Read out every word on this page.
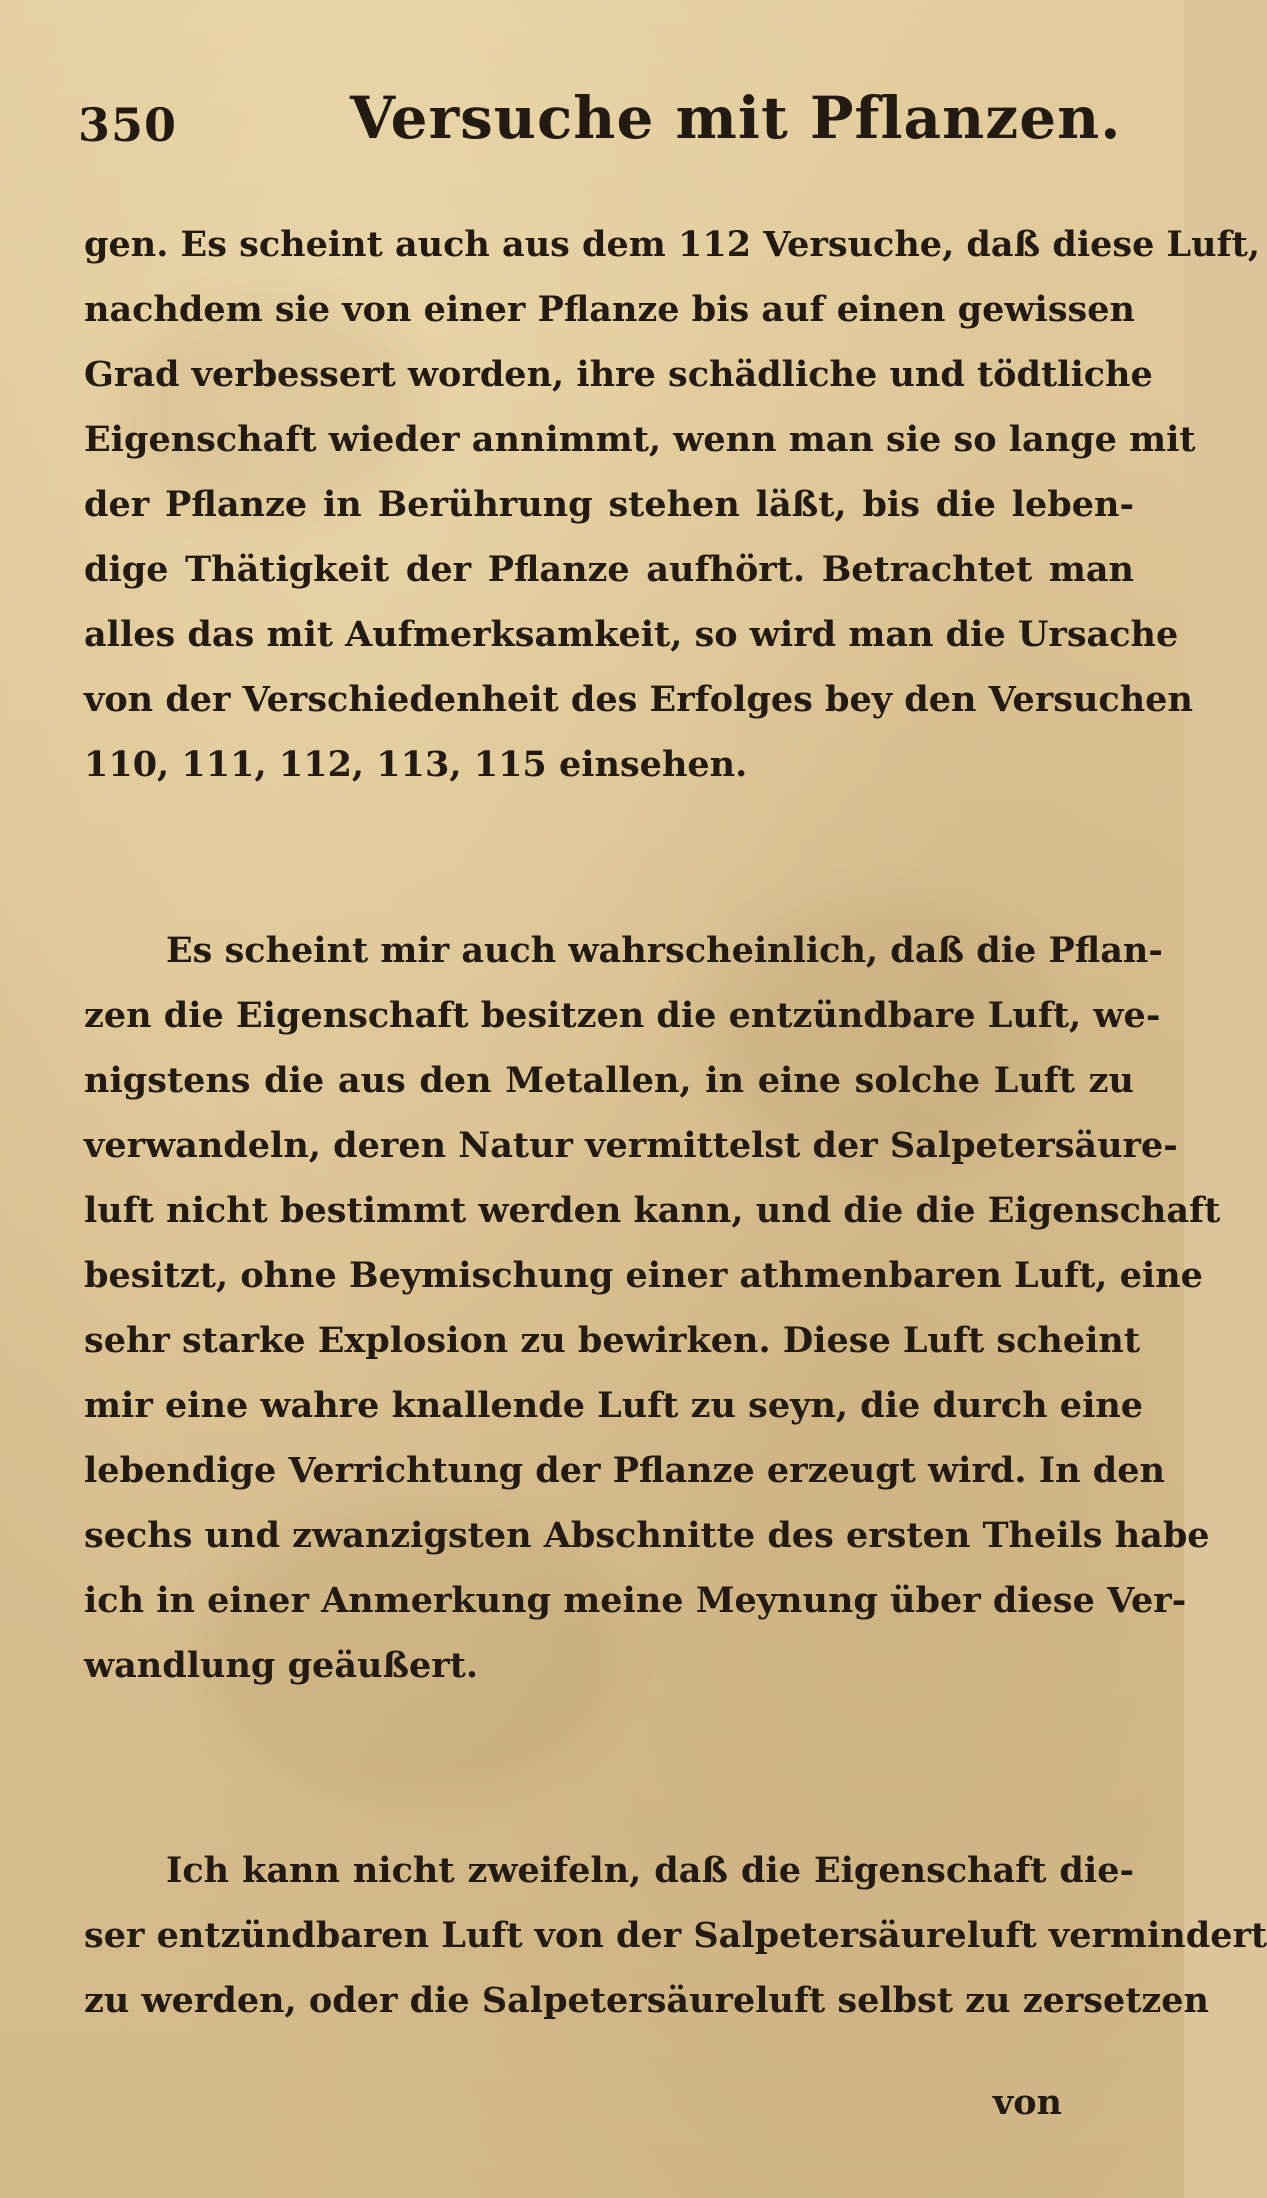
350	Versuche mit Pflanzen.
gen. Es scheint auch aus dem 112 Versuche, daß diese Luft,
nachdem sie von einer Pflanze bis auf einen gewissen
Grad verbessert worden, ihre schädliche und tödtliche
Eigenschaft wieder annimmt, wenn man sie so lange mit
der Pflanze in Berührung stehen läßt, bis die leben-
dige Thätigkeit der Pflanze aufhört. Betrachtet man
alles das mit Aufmerksamkeit, so wird man die Ursache
von der Verschiedenheit des Erfolges bey den Versuchen
110, 111, 112, 113, 115 einsehen.
Es scheint mir auch wahrscheinlich, daß die Pflan-
zen die Eigenschaft besitzen die entzündbare Luft, we-
nigstens die aus den Metallen, in eine solche Luft zu
verwandeln, deren Natur vermittelst der Salpetersäure-
luft nicht bestimmt werden kann, und die die Eigenschaft
besitzt, ohne Beymischung einer athmenbaren Luft, eine
sehr starke Explosion zu bewirken. Diese Luft scheint
mir eine wahre knallende Luft zu seyn, die durch eine
lebendige Verrichtung der Pflanze erzeugt wird. In den
sechs und zwanzigsten Abschnitte des ersten Theils habe
ich in einer Anmerkung meine Meynung über diese Ver-
wandlung geäußert.
Ich kann nicht zweifeln, daß die Eigenschaft die-
ser entzündbaren Luft von der Salpetersäureluft vermindert
zu werden, oder die Salpetersäureluft selbst zu zersetzen
von
